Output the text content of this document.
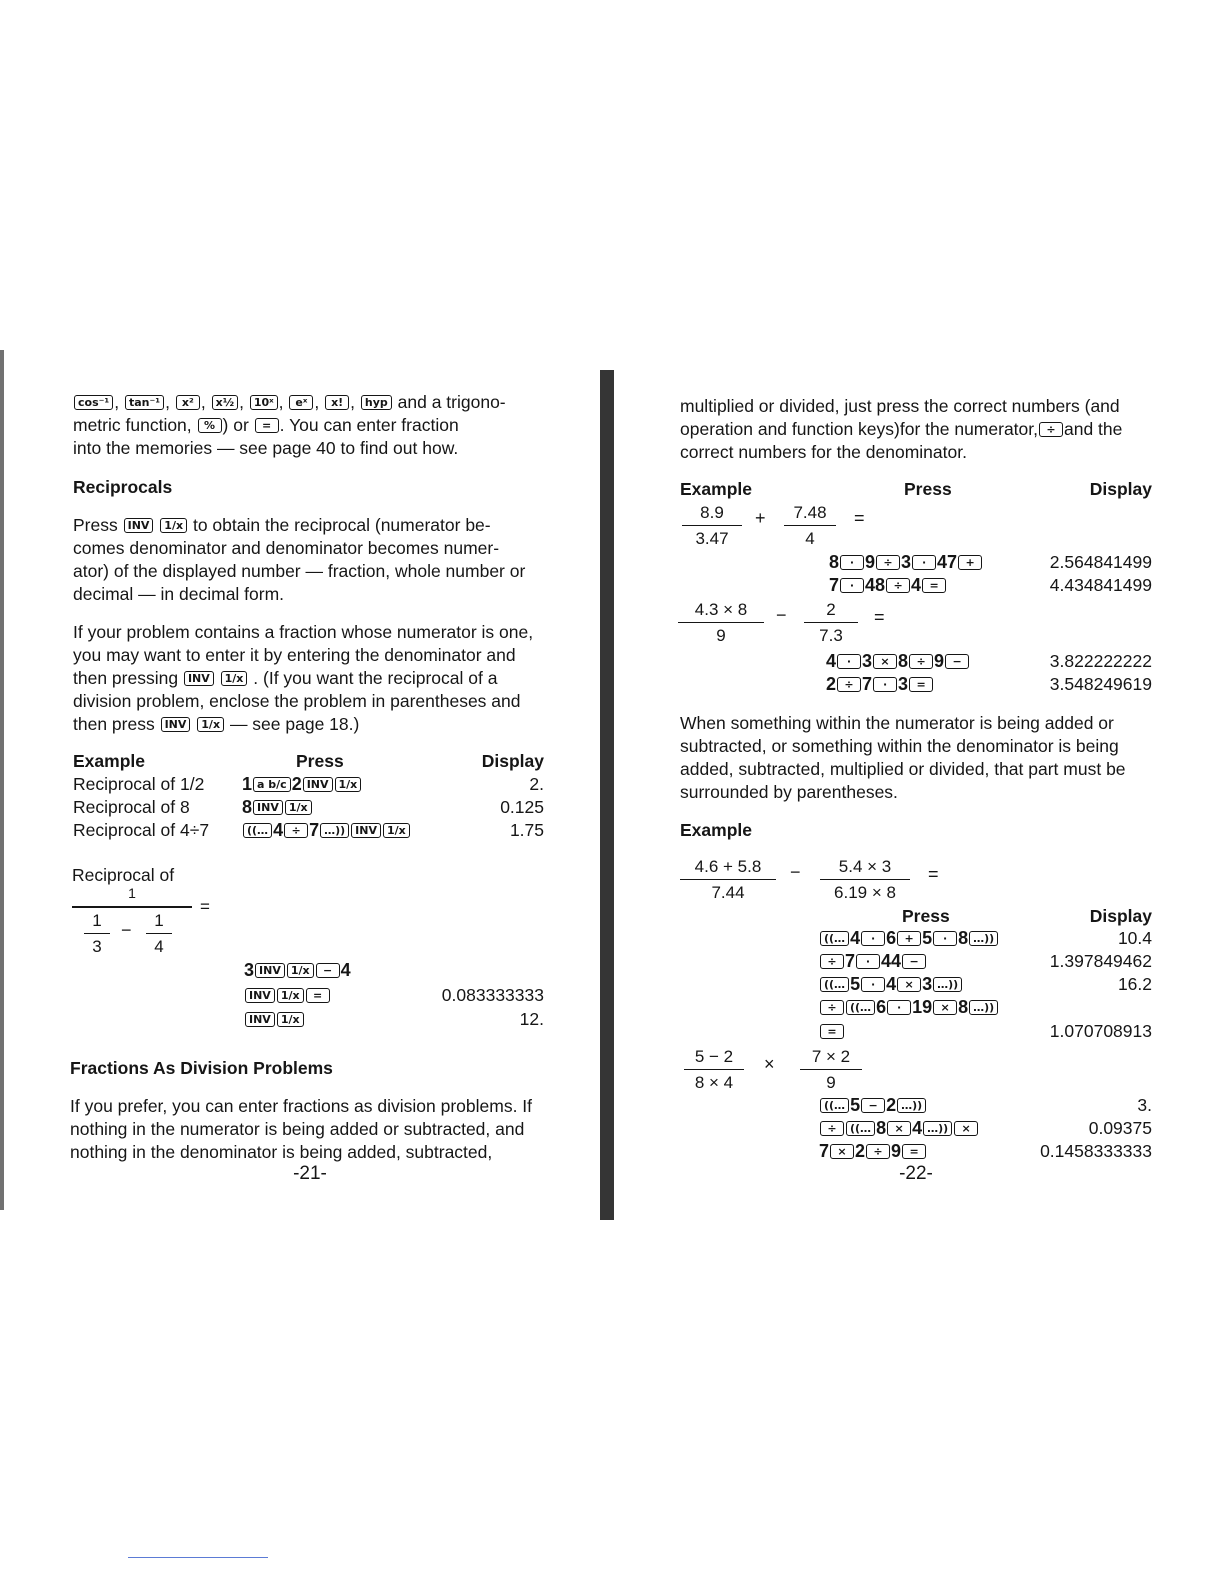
cos⁻¹ , tan⁻¹ , x² , x½ , 10ˣ , eˣ , x! , hyp and a trigono-
metric function, % ) or = . You can enter fraction
into the memories — see page 40 to find out how.
Reciprocals
Press INV 1/x to obtain the reciprocal (numerator be-
comes denominator and denominator becomes numer-
ator) of the displayed number — fraction, whole number or
decimal — in decimal form.
If your problem contains a fraction whose numerator is one,
you may want to enter it by entering the denominator and
then pressing INV 1/x . (If you want the reciprocal of a
division problem, enclose the problem in parentheses and
then press INV 1/x — see page 18.)
Example	Press	Display
Reciprocal of 1/2 1 a b/c 2 INV 1/x	2.
Reciprocal of 8	8 INV 1/x	0.125
Reciprocal of 4÷7	((… 4 ÷ 7 …)) INV 1/x	1.75
Reciprocal of
1
=
$\frac{1}{3} - \frac{1}{4}$
3 INV 1/x − 4
INV 1/x =	0.083333333
INV 1/x	12.
Fractions As Division Problems
If you prefer, you can enter fractions as division problems. If
nothing in the numerator is being added or subtracted, and
nothing in the denominator is being added, subtracted,
-21-
multiplied or divided, just press the correct numbers (and
operation and function keys)for the numerator, ÷ and the
correct numbers for the denominator.
Example	Press	Display
$\frac{8.9}{3.47} + \frac{7.48}{4}$ =
8 · 9 ÷ 3 · 47 +	2.564841499
7 · 48 ÷ 4 =	4.434841499
$\frac{4.3 \times 8}{9} - \frac{2}{7.3}$ =
4 · 3 × 8 ÷ 9 −	3.822222222
2 ÷ 7 · 3 =	3.548249619
When something within the numerator is being added or
subtracted, or something within the denominator is being
added, subtracted, multiplied or divided, that part must be
surrounded by parentheses.
Example
$\frac{4.6 + 5.8}{7.44} - \frac{5.4 \times 3}{6.19 \times 8}$ =
Press	Display
((… 4 · 6 + 5 · 8 …))	10.4
÷ 7 · 44 −	1.397849462
((… 5 · 4 × 3 …))	16.2
÷ ((… 6 · 19 × 8 …))
=	1.070708913
$\frac{5 - 2}{8 \times 4} \times \frac{7 \times 2}{9}$
((… 5 − 2 …))	3.
÷ ((… 8 × 4 …)) ×	0.09375
7 × 2 ÷ 9 =	0.1458333333
-22-
